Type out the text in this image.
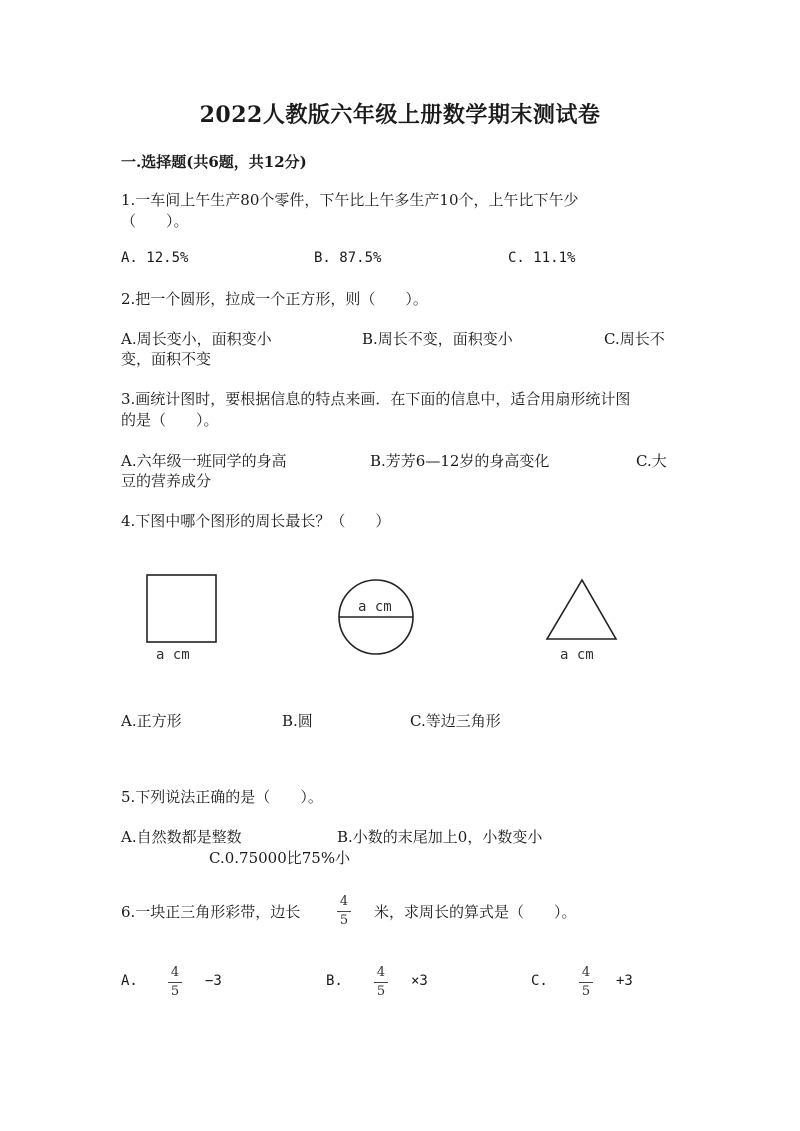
2022人教版六年级上册数学期末测试卷
一.选择题(共6题，共12分)
1.一车间上午生产80个零件，下午比上午多生产10个，上午比下午少
（　　）。
A. 12.5%	B. 87.5%	C. 11.1%
2.把一个圆形，拉成一个正方形，则（　　）。
A.周长变小，面积变小	B.周长不变，面积变小	C.周长不
变，面积不变
3.画统计图时，要根据信息的特点来画．在下面的信息中，适合用扇形统计图
的是（　　）。
A.六年级一班同学的身高	B.芳芳6—12岁的身高变化	C.大
豆的营养成分
4.下图中哪个图形的周长最长？（　　）
a cm
a cm
a cm
A.正方形	B.圆	C.等边三角形
5.下列说法正确的是（　　）。
A.自然数都是整数	B.小数的末尾加上0，小数变小
C.0.75000比75%小
6.一块正三角形彩带，边长
4
5	米，求周长的算式是（　　）。
A.
4
5
−3	B.
4
5
×3	C.
4
5
+3
